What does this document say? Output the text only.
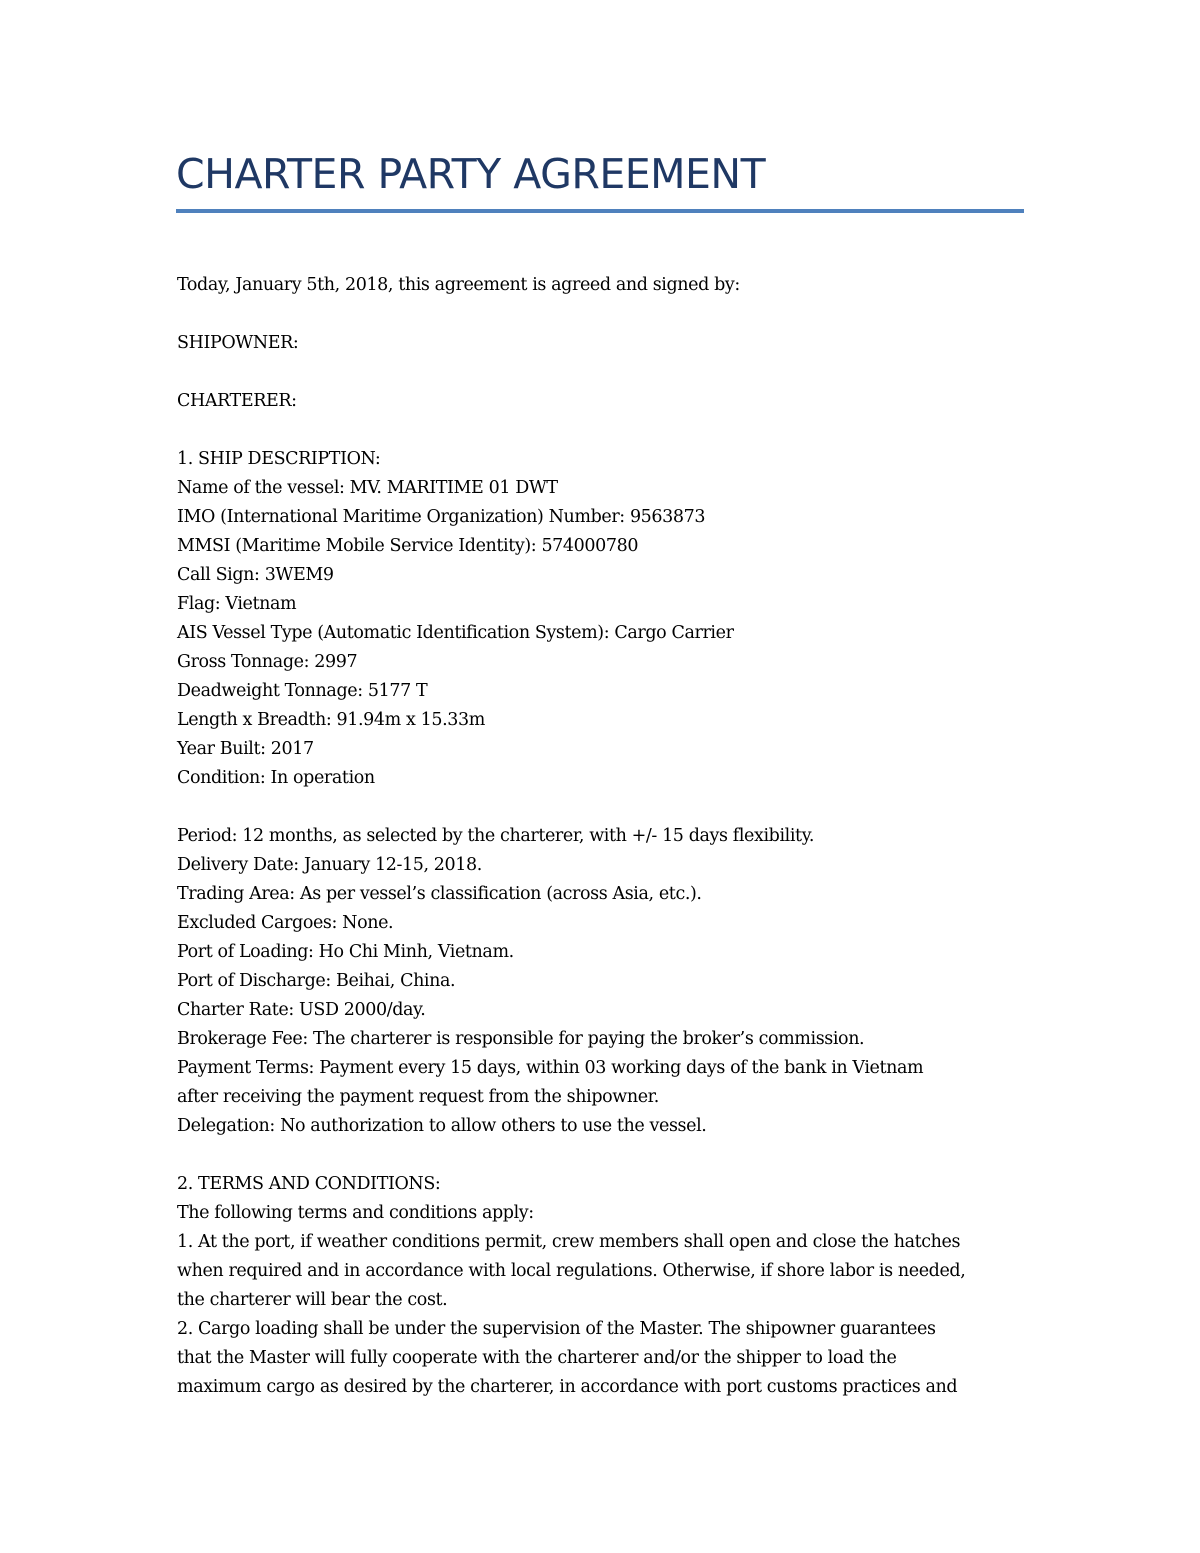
CHARTER PARTY AGREEMENT
Today, January 5th, 2018, this agreement is agreed and signed by:
SHIPOWNER:
CHARTERER:
1. SHIP DESCRIPTION:
Name of the vessel: MV. MARITIME 01 DWT
IMO (International Maritime Organization) Number: 9563873
MMSI (Maritime Mobile Service Identity): 574000780
Call Sign: 3WEM9
Flag: Vietnam
AIS Vessel Type (Automatic Identification System): Cargo Carrier
Gross Tonnage: 2997
Deadweight Tonnage: 5177 T
Length x Breadth: 91.94m x 15.33m
Year Built: 2017
Condition: In operation
Period: 12 months, as selected by the charterer, with +/- 15 days flexibility.
Delivery Date: January 12-15, 2018.
Trading Area: As per vessel’s classification (across Asia, etc.).
Excluded Cargoes: None.
Port of Loading: Ho Chi Minh, Vietnam.
Port of Discharge: Beihai, China.
Charter Rate: USD 2000/day.
Brokerage Fee: The charterer is responsible for paying the broker’s commission.
Payment Terms: Payment every 15 days, within 03 working days of the bank in Vietnam
after receiving the payment request from the shipowner.
Delegation: No authorization to allow others to use the vessel.
2. TERMS AND CONDITIONS:
The following terms and conditions apply:
1. At the port, if weather conditions permit, crew members shall open and close the hatches
when required and in accordance with local regulations. Otherwise, if shore labor is needed,
the charterer will bear the cost.
2. Cargo loading shall be under the supervision of the Master. The shipowner guarantees
that the Master will fully cooperate with the charterer and/or the shipper to load the
maximum cargo as desired by the charterer, in accordance with port customs practices and
